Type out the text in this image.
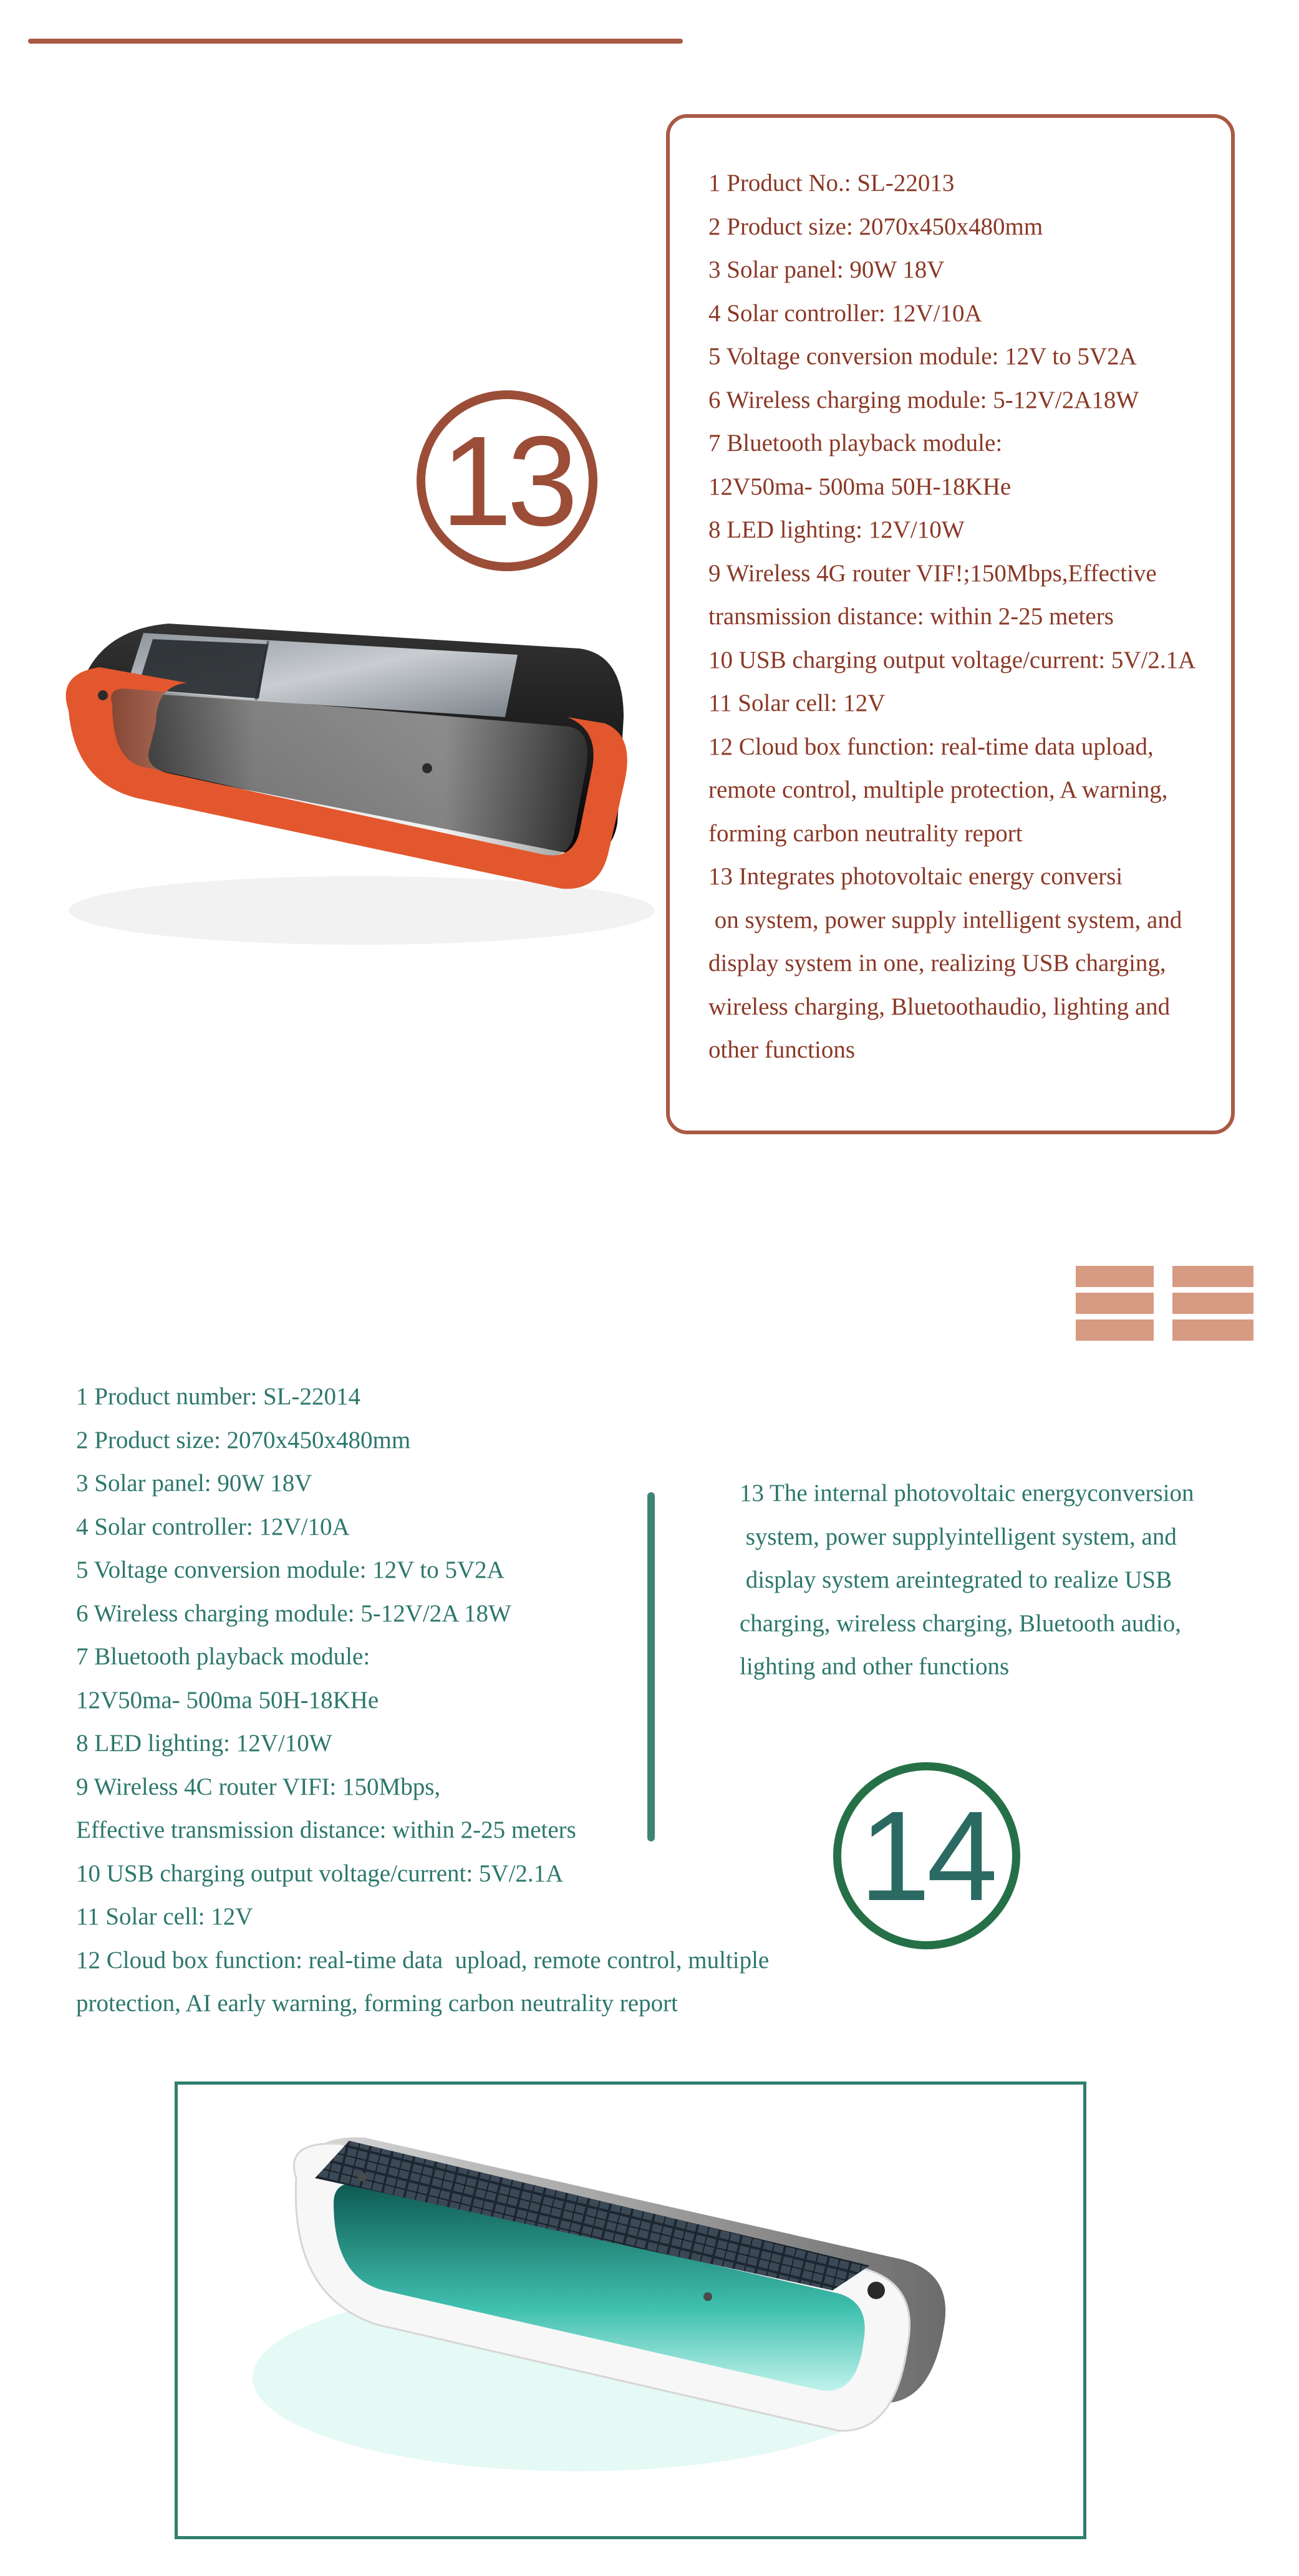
13
1 Product No.: SL-22013
2 Product size: 2070x450x480mm
3 Solar panel: 90W 18V
4 Solar controller: 12V/10A
5 Voltage conversion module: 12V to 5V2A
6 Wireless charging module: 5-12V/2A18W
7 Bluetooth playback module:
12V50ma- 500ma 50H-18KHe
8 LED lighting: 12V/10W
9 Wireless 4G router VIF!;150Mbps,Effective
transmission distance: within 2-25 meters
10 USB charging output voltage/current: 5V/2.1A
11 Solar cell: 12V
12 Cloud box function: real-time data upload,
remote control, multiple protection, A warning,
forming carbon neutrality report
13 Integrates photovoltaic energy conversi
on system, power supply intelligent system, and
display system in one, realizing USB charging,
wireless charging, Bluetoothaudio, lighting and
other functions
1 Product number: SL-22014
2 Product size: 2070x450x480mm
3 Solar panel: 90W 18V
4 Solar controller: 12V/10A
5 Voltage conversion module: 12V to 5V2A
6 Wireless charging module: 5-12V/2A 18W
7 Bluetooth playback module:
12V50ma- 500ma 50H-18KHe
8 LED lighting: 12V/10W
9 Wireless 4C router VIFI: 150Mbps,
Effective transmission distance: within 2-25 meters
10 USB charging output voltage/current: 5V/2.1A
11 Solar cell: 12V
12 Cloud box function: real-time data  upload, remote control, multiple
protection, AI early warning, forming carbon neutrality report
13 The internal photovoltaic energyconversion
system, power supplyintelligent system, and
display system areintegrated to realize USB
charging, wireless charging, Bluetooth audio,
lighting and other functions
14
